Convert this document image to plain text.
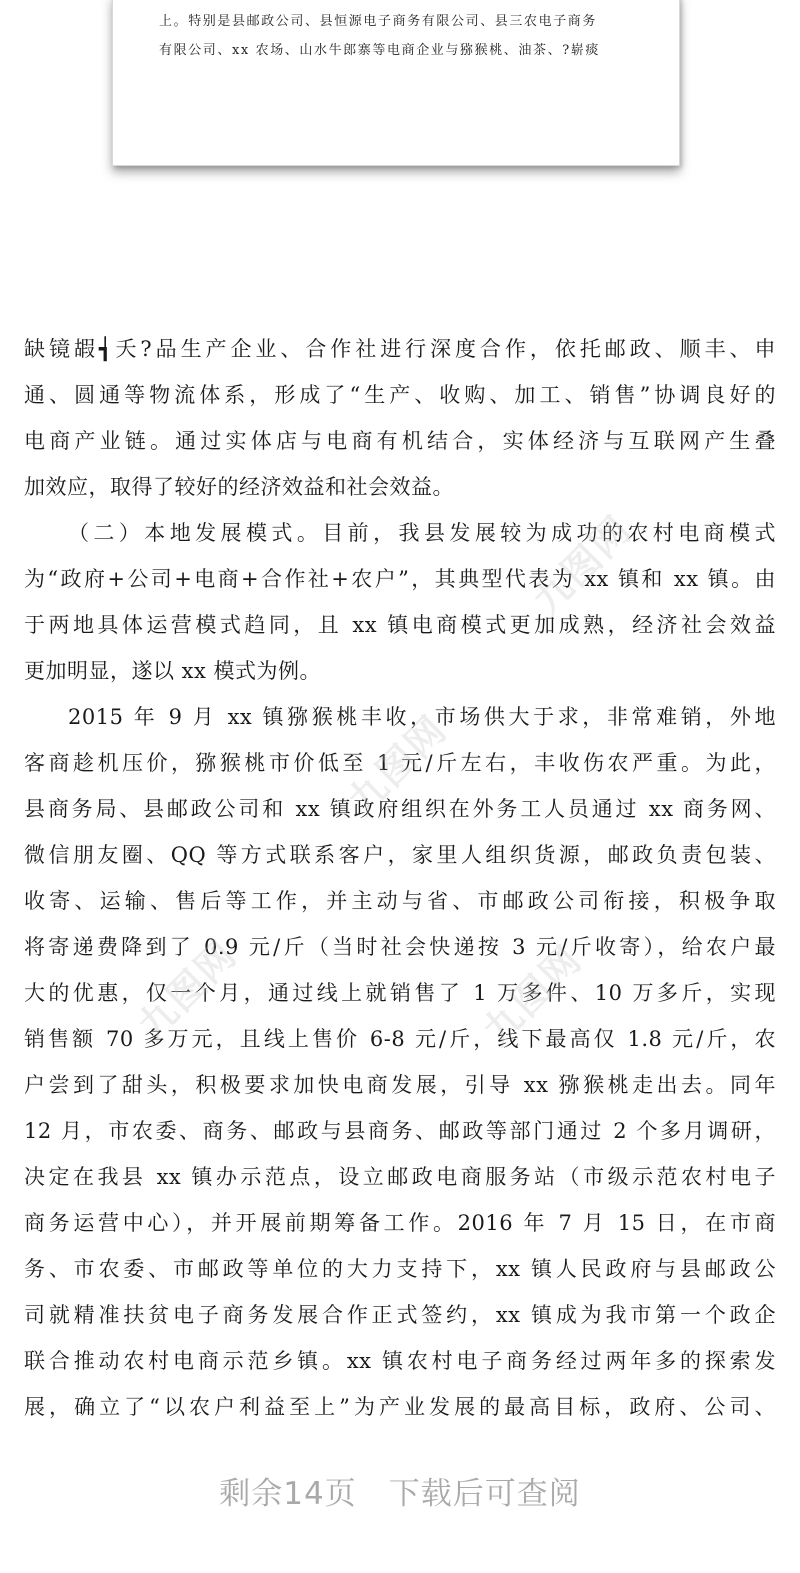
上。特别是县邮政公司、县恒源电子商务有限公司、县三农电子商务
有限公司、xx 农场、山水牛郎寨等电商企业与猕猴桃、油茶、?崭痰
缺镜嘏┪夭?品生产企业、合作社进行深度合作，依托邮政、顺丰、申
通、圆通等物流体系，形成了“生产、收购、加工、销售”协调良好的
电商产业链。通过实体店与电商有机结合，实体经济与互联网产生叠
加效应，取得了较好的经济效益和社会效益。
（二）本地发展模式。目前，我县发展较为成功的农村电商模式
为“政府+公司+电商+合作社+农户”，其典型代表为 xx 镇和 xx 镇。由
于两地具体运营模式趋同，且 xx 镇电商模式更加成熟，经济社会效益
更加明显，遂以 xx 模式为例。
2015 年 9 月 xx 镇猕猴桃丰收，市场供大于求，非常难销，外地
客商趁机压价，猕猴桃市价低至 1 元/斤左右，丰收伤农严重。为此，
县商务局、县邮政公司和 xx 镇政府组织在外务工人员通过 xx 商务网、
微信朋友圈、QQ 等方式联系客户，家里人组织货源，邮政负责包装、
收寄、运输、售后等工作，并主动与省、市邮政公司衔接，积极争取
将寄递费降到了 0.9 元/斤（当时社会快递按 3 元/斤收寄），给农户最
大的优惠，仅一个月，通过线上就销售了 1 万多件、10 万多斤，实现
销售额 70 多万元，且线上售价 6-8 元/斤，线下最高仅 1.8 元/斤，农
户尝到了甜头，积极要求加快电商发展，引导 xx 猕猴桃走出去。同年
12 月，市农委、商务、邮政与县商务、邮政等部门通过 2 个多月调研，
决定在我县 xx 镇办示范点，设立邮政电商服务站（市级示范农村电子
商务运营中心），并开展前期筹备工作。2016 年 7 月 15 日，在市商
务、市农委、市邮政等单位的大力支持下，xx 镇人民政府与县邮政公
司就精准扶贫电子商务发展合作正式签约，xx 镇成为我市第一个政企
联合推动农村电商示范乡镇。xx 镇农村电子商务经过两年多的探索发
展，确立了“以农户利益至上”为产业发展的最高目标，政府、公司、
九图网
九图网
九图网
九图网
剩余14页 下载后可查阅
